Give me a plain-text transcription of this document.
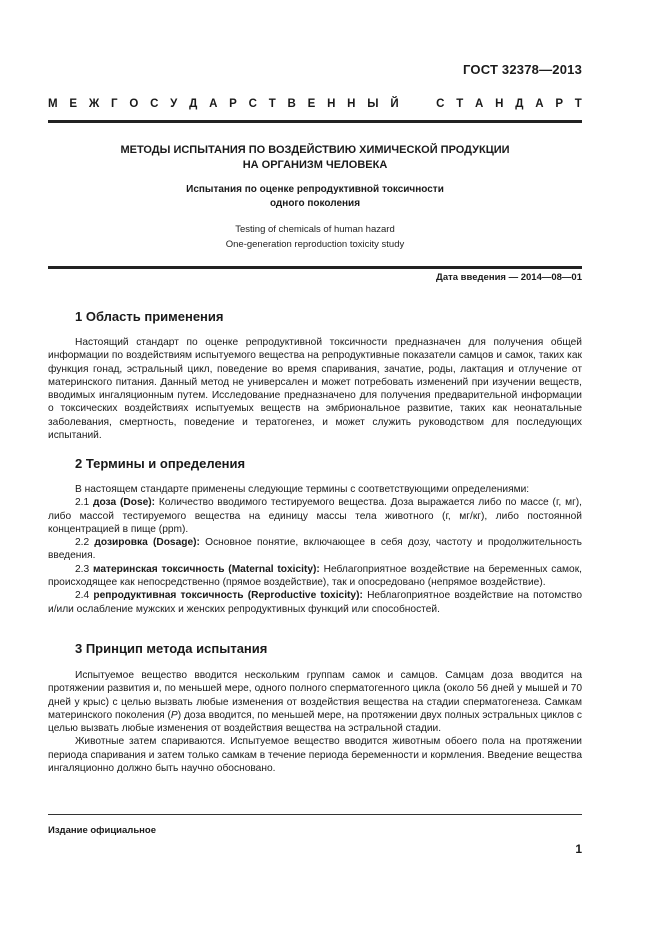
ГОСТ 32378—2013
М Е Ж Г О С У Д А Р С Т В Е Н Н Ы Й	С Т А Н Д А Р Т
МЕТОДЫ ИСПЫТАНИЯ ПО ВОЗДЕЙСТВИЮ ХИМИЧЕСКОЙ ПРОДУКЦИИ
НА ОРГАНИЗМ ЧЕЛОВЕКА
Испытания по оценке репродуктивной токсичности
одного поколения
Testing of chemicals of human hazard
One-generation reproduction toxicity study
Дата введения — 2014—08—01
1 Область применения

Настоящий стандарт по оценке репродуктивной токсичности предназначен для получения общей информации по воздействиям испытуемого вещества на репродуктивные показатели самцов и самок, таких как функция гонад, эстральный цикл, поведение во время спаривания, зачатие, роды, лактация и отлучение от материнского питания. Данный метод не универсален и может потребовать изменений при изучении веществ, вводимых ингаляционным путем. Исследование предназначено для получения предварительной информации о токсических воздействиях испытуемых веществ на эмбриональное развитие, таких как неонатальные заболевания, смертность, поведение и тератогенез, и может служить руководством для последующих испытаний.

2 Термины и определения

В настоящем стандарте применены следующие термины с соответствующими определениями:

2.1 доза (Dose): Количество вводимого тестируемого вещества. Доза выражается либо по массе (г, мг), либо массой тестируемого вещества на единицу массы тела животного (г, мг/кг), либо постоянной концентрацией в пище (ppm).

2.2 дозировка (Dosage): Основное понятие, включающее в себя дозу, частоту и продолжительность введения.

2.3 материнская токсичность (Maternal toxicity): Неблагоприятное воздействие на беременных самок, происходящее как непосредственно (прямое воздействие), так и опосредовано (непрямое воздействие).

2.4 репродуктивная токсичность (Reproductive toxicity): Неблагоприятное воздействие на потомство и/или ослабление мужских и женских репродуктивных функций или способностей.

3 Принцип метода испытания

Испытуемое вещество вводится нескольким группам самок и самцов. Самцам доза вводится на протяжении развития и, по меньшей мере, одного полного сперматогенного цикла (около 56 дней у мышей и 70 дней у крыс) с целью вызвать любые изменения от воздействия вещества на стадии сперматогенеза. Самкам материнского поколения (P) доза вводится, по меньшей мере, на протяжении двух полных эстральных циклов с целью вызвать любые изменения от воздействия вещества на эстральной стадии.

Животные затем спариваются. Испытуемое вещество вводится животным обоего пола на протяжении периода спаривания и затем только самкам в течение периода беременности и кормления. Введение вещества ингаляционно должно быть научно обосновано.

Издание официальное
1
